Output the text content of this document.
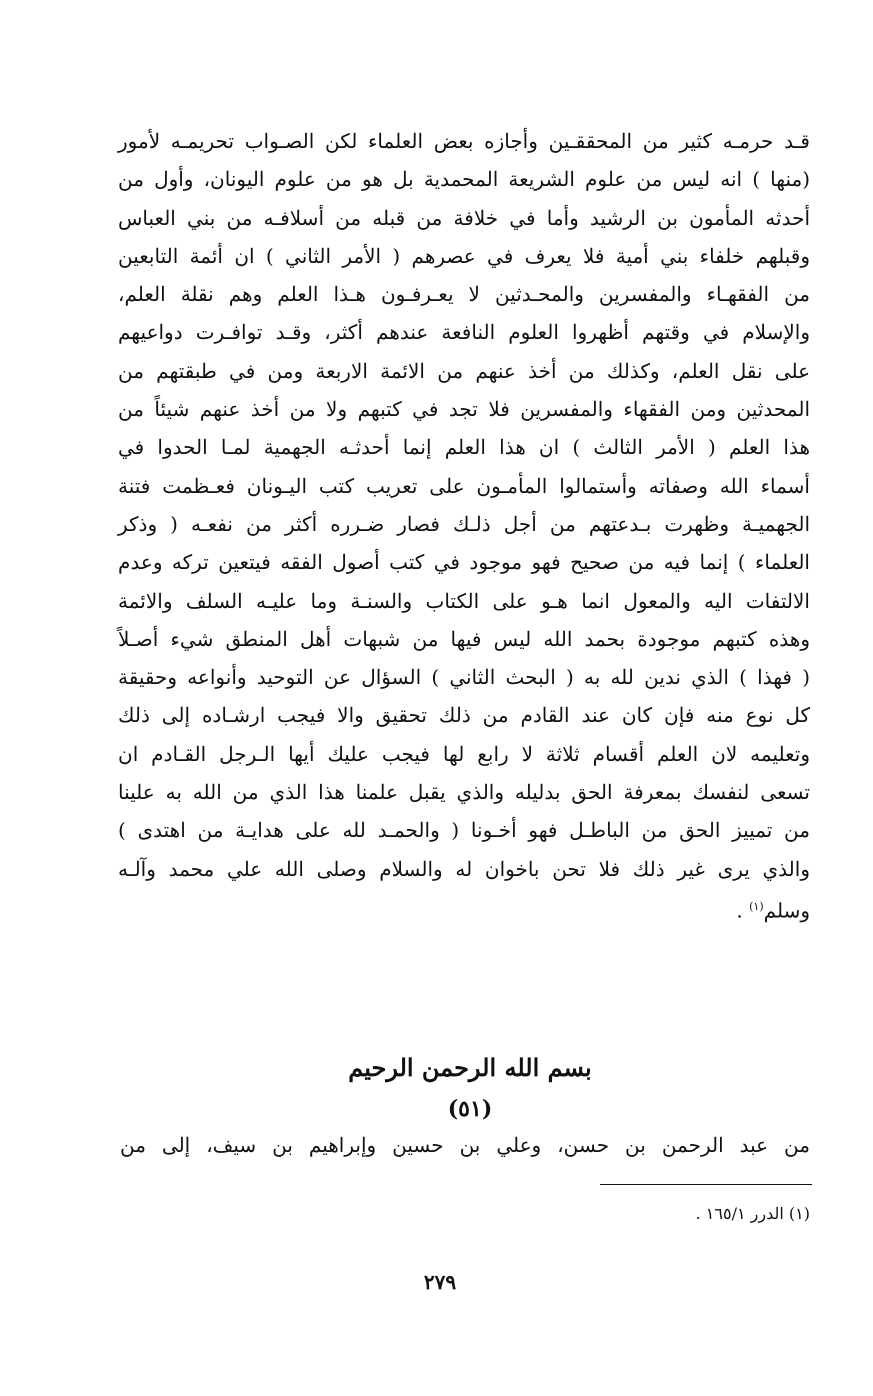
قـد حرمـه كثير من المحققـين وأجازه بعض العلماء لكن الصـواب تحريمـه لأمور
(منها ) انه ليس من علوم الشريعة المحمدية بل هو من علوم اليونان، وأول من
أحدثه المأمون بن الرشيد وأما في خلافة من قبله من أسلافـه من بني العباس
وقبلهم خلفاء بني أمية فلا يعرف في عصرهم ( الأمر الثاني ) ان أئمة التابعين
من الفقهـاء والمفسرين والمحـدثين لا يعـرفـون هـذا العلم وهم نقلة العلم،
والإسلام في وقتهم أظهروا العلوم النافعة عندهم أكثر، وقـد توافـرت دواعيهم
على نقل العلم، وكذلك من أخذ عنهم من الائمة الاربعة ومن في طبقتهم من
المحدثين ومن الفقهاء والمفسرين فلا تجد في كتبهم ولا من أخذ عنهم شيئاً من
هذا العلم ( الأمر الثالث ) ان هذا العلم إنما أحدثـه الجهمية لمـا الحدوا في
أسماء الله وصفاته وأستمالوا المأمـون على تعريب كتب اليـونان فعـظمت فتنة
الجهميـة وظهرت بـدعتهم من أجل ذلـك فصار ضـرره أكثر من نفعـه ( وذكر
العلماء ) إنما فيه من صحيح فهو موجود في كتب أصول الفقه فيتعين تركه وعدم
الالتفات اليه والمعول انما هـو على الكتاب والسنـة وما عليـه السلف والائمة
وهذه كتبهم موجودة بحمد الله ليس فيها من شبهات أهل المنطق شيء أصـلاً
( فهذا ) الذي ندين لله به ( البحث الثاني ) السؤال عن التوحيد وأنواعه وحقيقة
كل نوع منه فإن كان عند القادم من ذلك تحقيق والا فيجب ارشـاده إلى ذلك
وتعليمه لان العلم أقسام ثلاثة لا رابع لها فيجب عليك أيها الـرجل القـادم ان
تسعى لنفسك بمعرفة الحق بدليله والذي يقبل علمنا هذا الذي من الله به علينا
من تمييز الحق من الباطـل فهو أخـونا ( والحمـد لله على هدايـة من اهتدى )
والذي يرى غير ذلك فلا تحن باخوان له والسلام وصلى الله علي محمد وآلـه
وسلم$^{(١)}$ .
بسم الله الرحمن الرحيم
(٥١)
من عبد الرحمن بن حسن، وعلي بن حسين وإبراهيم بن سيف، إلى من
(١) الدرر ١٦٥/١ .
٢٧٩
